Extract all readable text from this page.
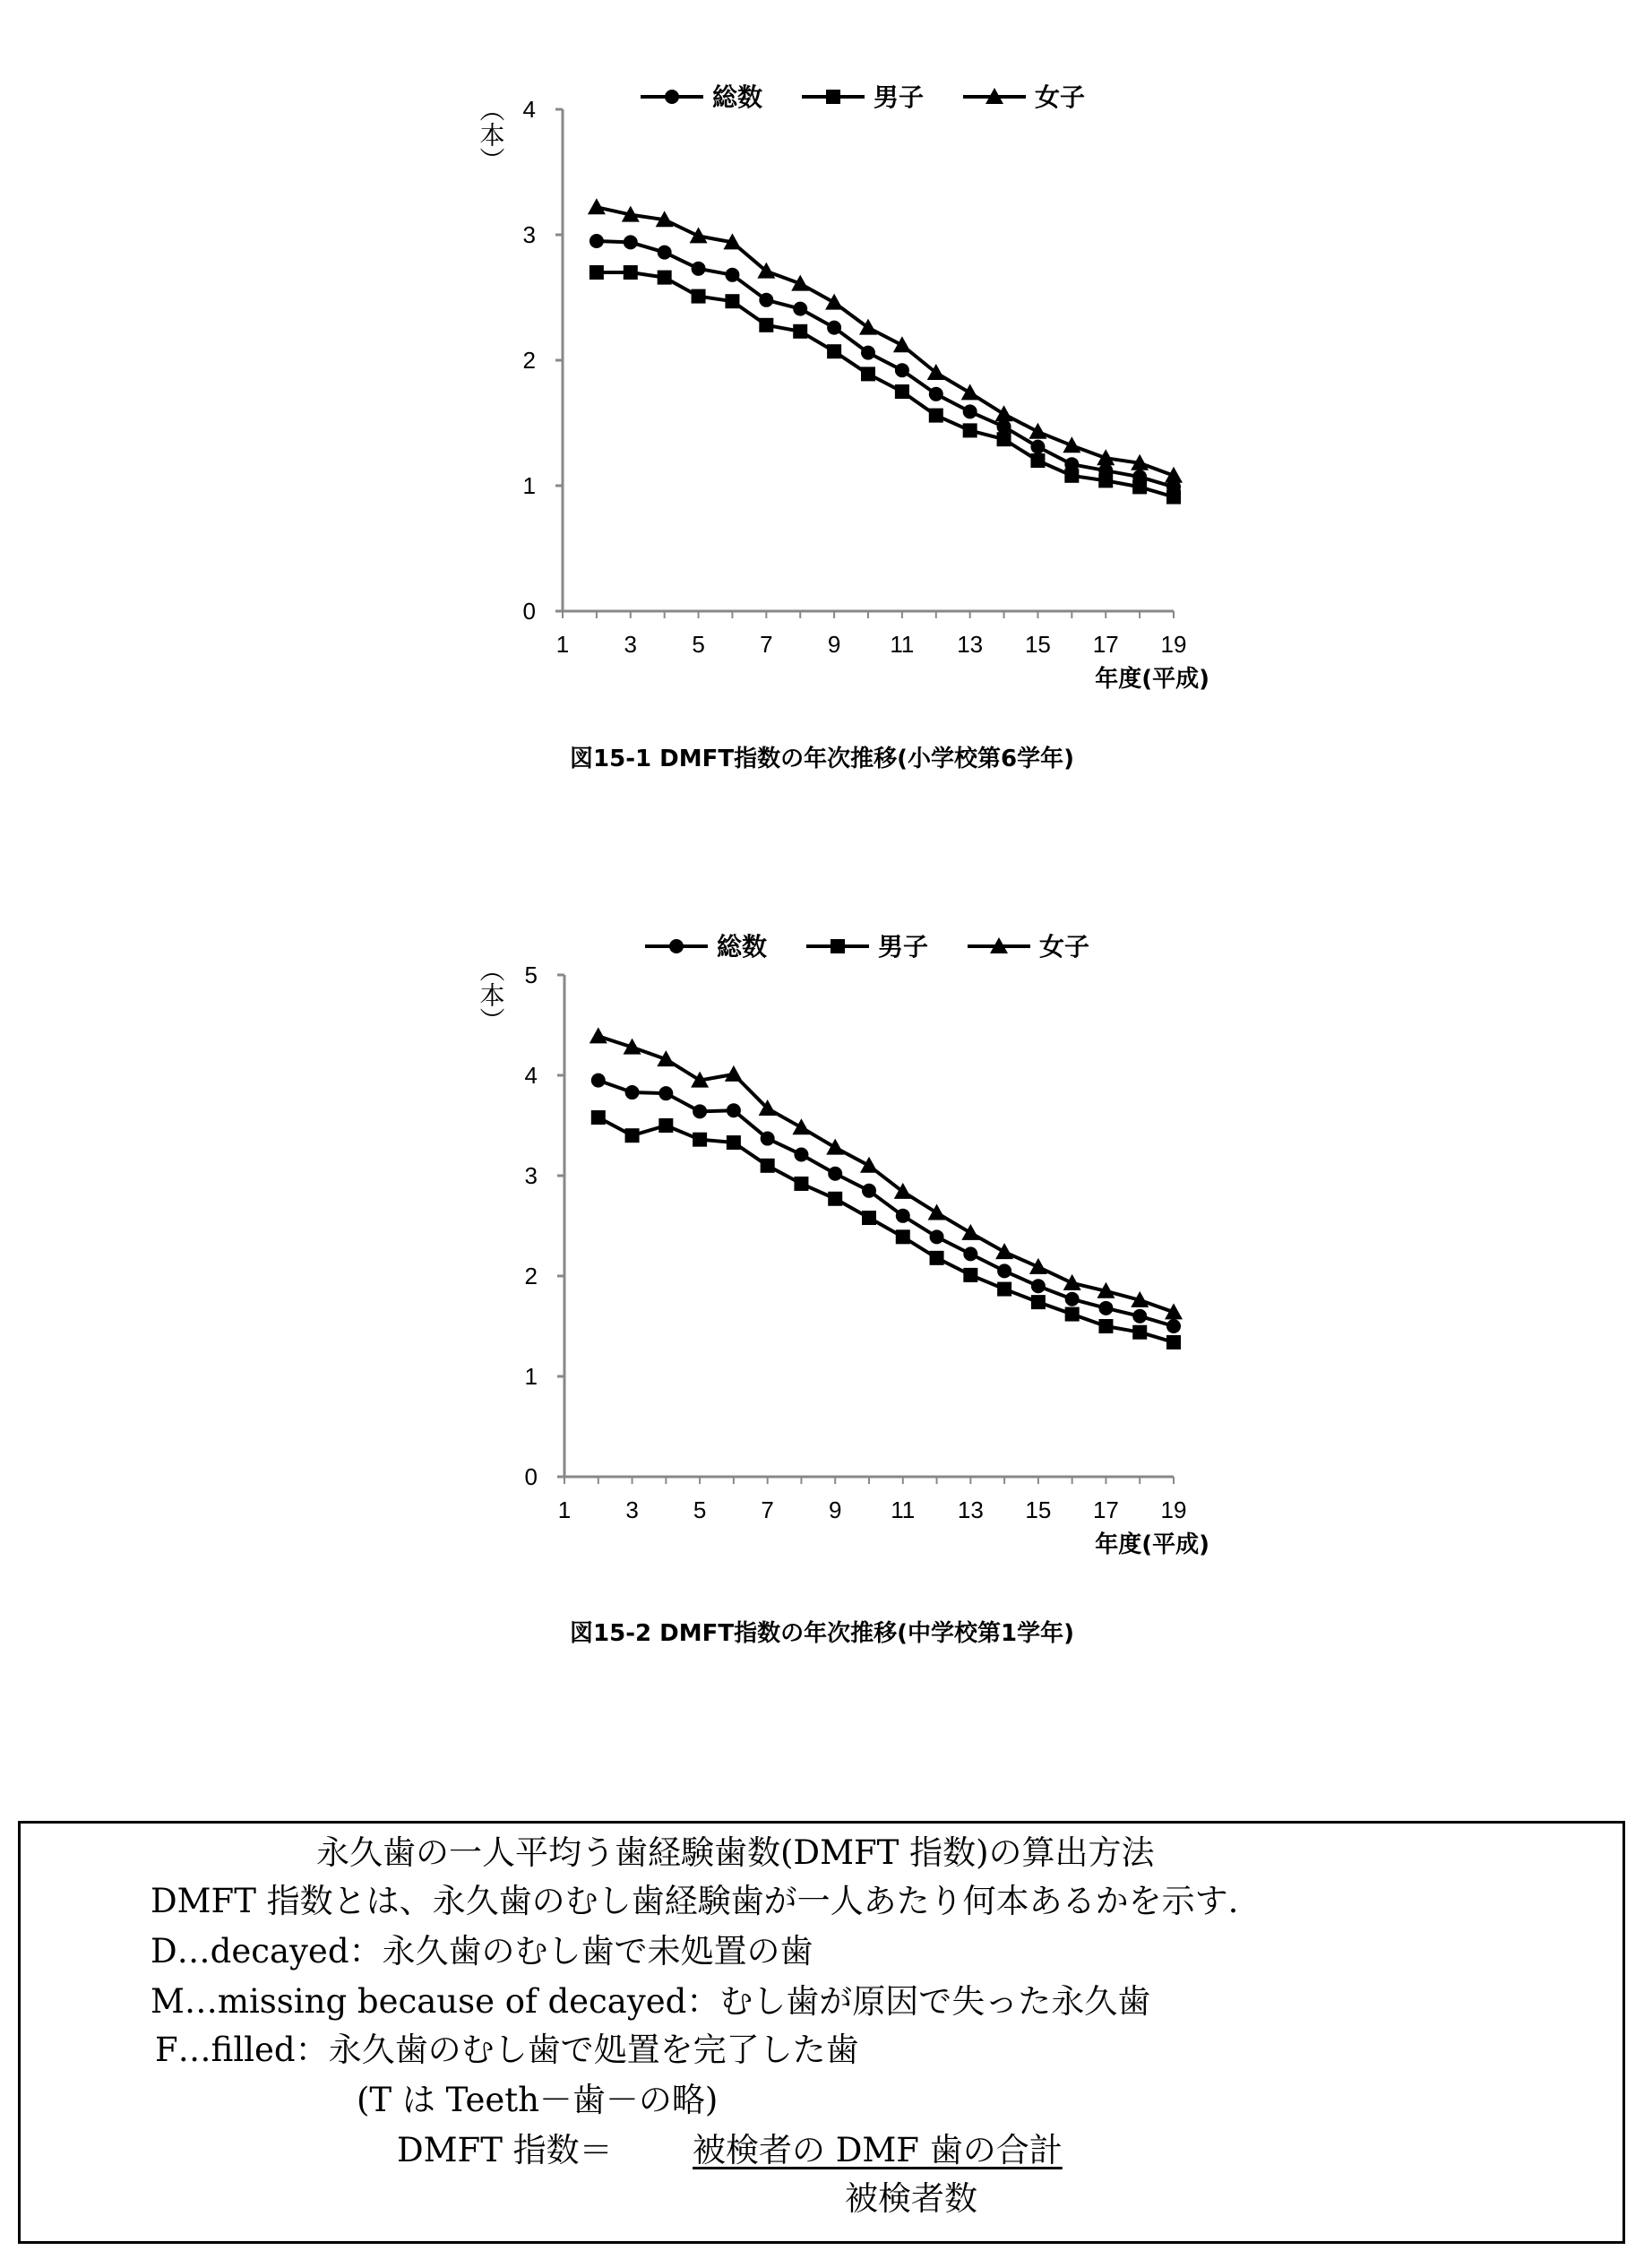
0
1
2
3
4
1 3 5 7 9 11 13 15 17 19
年度(平成)
（本）	総数	男子	女子
図15-1 DMFT指数の年次推移(小学校第6学年)
0
1
2
3
4
5
1 3 5 7 9 11 13 15 17 19
年度(平成)
（本）
総数	男子	女子
図15-2 DMFT指数の年次推移(中学校第1学年)
永久歯の一人平均う歯経験歯数(DMFT 指数)の算出方法
DMFT 指数とは、永久歯のむし歯経験歯が一人あたり何本あるかを示す.
D…decayed：永久歯のむし歯で未処置の歯
M…missing because of decayed：むし歯が原因で失った永久歯
F…filled：永久歯のむし歯で処置を完了した歯
(T は Teeth－歯－の略)
DMFT 指数＝ 被検者の DMF 歯の合計
被検者数
